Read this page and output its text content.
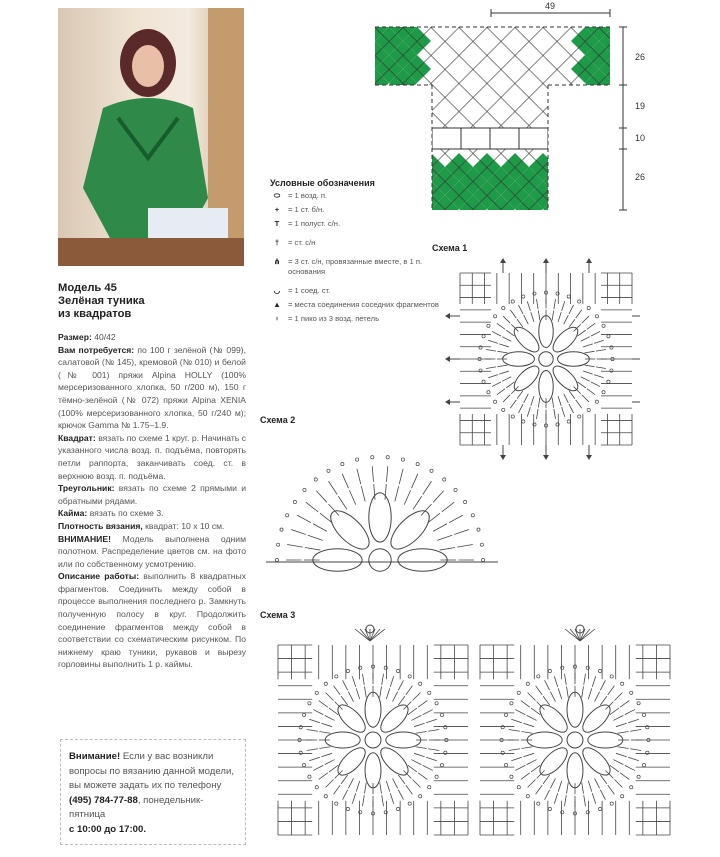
Модель 45
Зелёная туника
из квадратов

Размер: 40/42

Вам потребуется: по 100 г зелёной (№ 099), салатовой (№ 145), кремовой (№ 010) и белой (№ 001) пряжи Alpina HOLLY (100% мерсеризованного хлопка, 50 г/200 м), 150 г тёмно-зелёной (№ 072) пряжи Alpina XENIA (100% мерсеризованного хлопка, 50 г/240 м); крючок Gamma № 1.75–1.9.

Квадрат: вязать по схеме 1 круг. р. Начинать с указанного числа возд. п. подъёма, повторять петли раппорта, заканчивать соед. ст. в верхнюю возд. п. подъёма.

Треугольник: вязать по схеме 2 прямыми и обратными рядами.

Кайма: вязать по схеме 3.

Плотность вязания, квадрат: 10 x 10 см.

ВНИМАНИЕ! Модель выполнена одним полотном. Распределение цветов см. на фото или по собственному усмотрению.

Описание работы: выполнить 8 квадратных фрагментов. Соединить между собой в процессе выполнения последнего р. Замкнуть полученную полосу в круг. Продолжить соединение фрагментов между собой в соответствии со схематическим рисунком. По нижнему краю туники, рукавов и вырезу горловины выполнить 1 р. каймы.

Внимание! Если у вас возникли вопросы по вязанию данной модели, вы можете задать их по телефону (495) 784-77-88, понедельник-пятница
с 10:00 до 17:00.
Условные обозначения
⬭	= 1 возд. п.
+	= 1 ст. б/н.
T	= 1 полуст. с/н.
†	= ст. с/н
⋔	= 3 ст. с/н, провязанные вместе, в 1 п. основания
◡	= 1 соед. ст.
▲ = места соединения соседних фрагментов
♀	= 1 пико из 3 возд. петель
49
26
19
10
26
Схема 1
Схема 2
Схема 3
